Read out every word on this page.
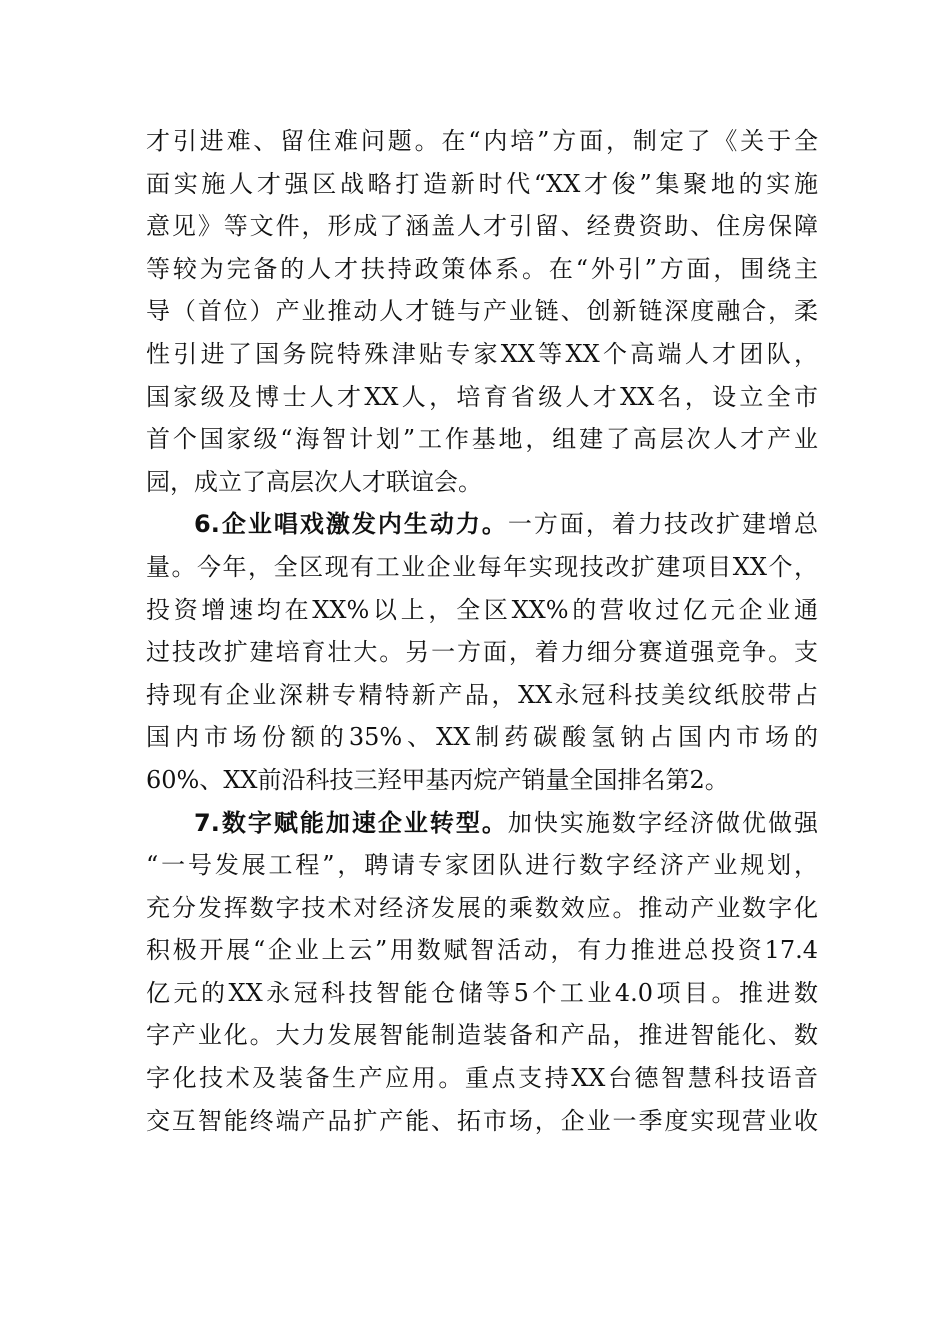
才引进难、留住难问题。在“内培”方面，制定了《关于全
面实施人才强区战略打造新时代“XX才俊”集聚地的实施
意见》等文件，形成了涵盖人才引留、经费资助、住房保障
等较为完备的人才扶持政策体系。在“外引”方面，围绕主
导（首位）产业推动人才链与产业链、创新链深度融合，柔
性引进了国务院特殊津贴专家XX等XX个高端人才团队，
国家级及博士人才XX人，培育省级人才XX名，设立全市
首个国家级“海智计划”工作基地，组建了高层次人才产业
园，成立了高层次人才联谊会。
6.企业唱戏激发内生动力。一方面，着力技改扩建增总
量。今年，全区现有工业企业每年实现技改扩建项目XX个，
投资增速均在XX%以上，全区XX%的营收过亿元企业通
过技改扩建培育壮大。另一方面，着力细分赛道强竞争。支
持现有企业深耕专精特新产品，XX永冠科技美纹纸胶带占
国内市场份额的35%、XX制药碳酸氢钠占国内市场的
60%、XX前沿科技三羟甲基丙烷产销量全国排名第2。
7.数字赋能加速企业转型。加快实施数字经济做优做强
“一号发展工程”，聘请专家团队进行数字经济产业规划，
充分发挥数字技术对经济发展的乘数效应。推动产业数字化
积极开展“企业上云”用数赋智活动，有力推进总投资17.4
亿元的XX永冠科技智能仓储等5个工业4.0项目。推进数
字产业化。大力发展智能制造装备和产品，推进智能化、数
字化技术及装备生产应用。重点支持XX台德智慧科技语音
交互智能终端产品扩产能、拓市场，企业一季度实现营业收
